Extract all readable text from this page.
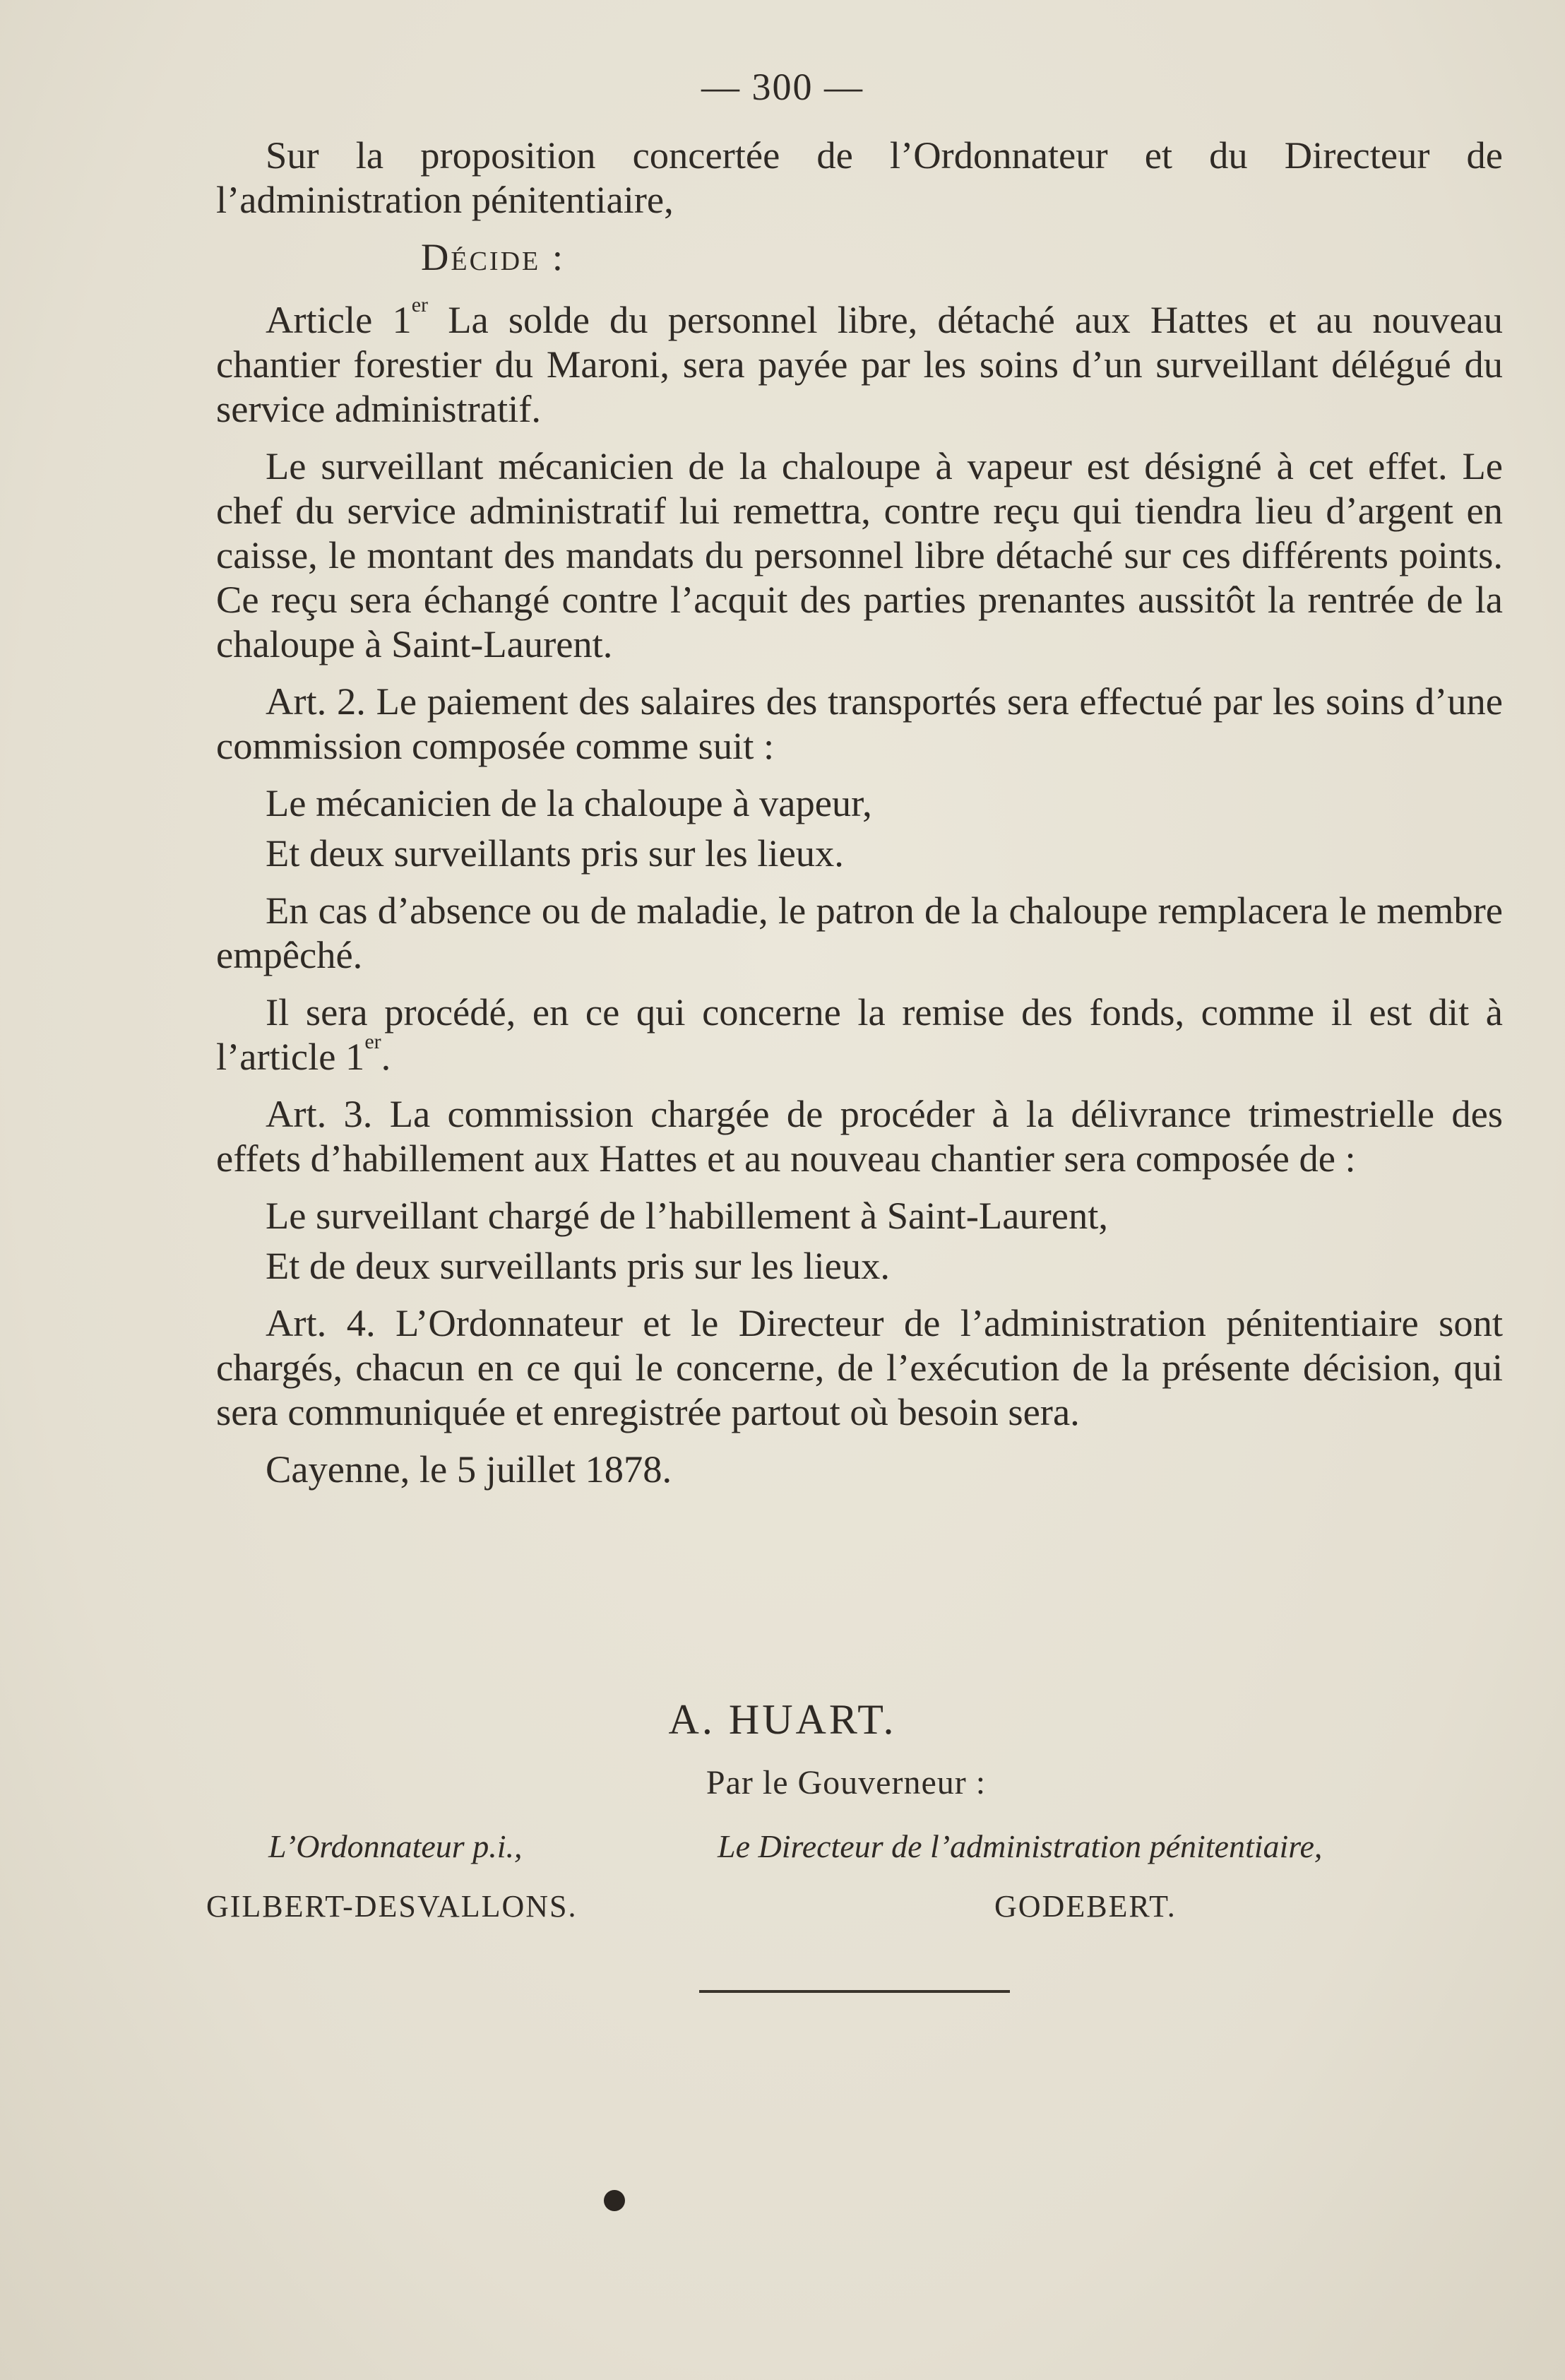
— 300 —

Sur la proposition concertée de l’Ordonnateur et du Directeur de l’administration pénitentiaire,

Décide :

Article 1er La solde du personnel libre, détaché aux Hattes et au nouveau chantier forestier du Maroni, sera payée par les soins d’un surveillant délégué du service administratif.

Le surveillant mécanicien de la chaloupe à vapeur est désigné à cet effet. Le chef du service administratif lui remettra, contre reçu qui tiendra lieu d’argent en caisse, le montant des mandats du personnel libre détaché sur ces différents points. Ce reçu sera échangé contre l’acquit des parties prenantes aussitôt la rentrée de la chaloupe à Saint-Laurent.

Art. 2. Le paiement des salaires des transportés sera effectué par les soins d’une commission composée comme suit :

Le mécanicien de la chaloupe à vapeur,

Et deux surveillants pris sur les lieux.

En cas d’absence ou de maladie, le patron de la chaloupe remplacera le membre empêché.

Il sera procédé, en ce qui concerne la remise des fonds, comme il est dit à l’article 1er.

Art. 3. La commission chargée de procéder à la délivrance trimestrielle des effets d’habillement aux Hattes et au nouveau chantier sera composée de :

Le surveillant chargé de l’habillement à Saint-Laurent,

Et de deux surveillants pris sur les lieux.

Art. 4. L’Ordonnateur et le Directeur de l’administration pénitentiaire sont chargés, chacun en ce qui le concerne, de l’exécution de la présente décision, qui sera communiquée et enregistrée partout où besoin sera.

Cayenne, le 5 juillet 1878.

A. HUART.
Par le Gouverneur :
L’Ordonnateur p.i.,	Le Directeur de l’administration pénitentiaire,
GILBERT-DESVALLONS.	GODEBERT.
